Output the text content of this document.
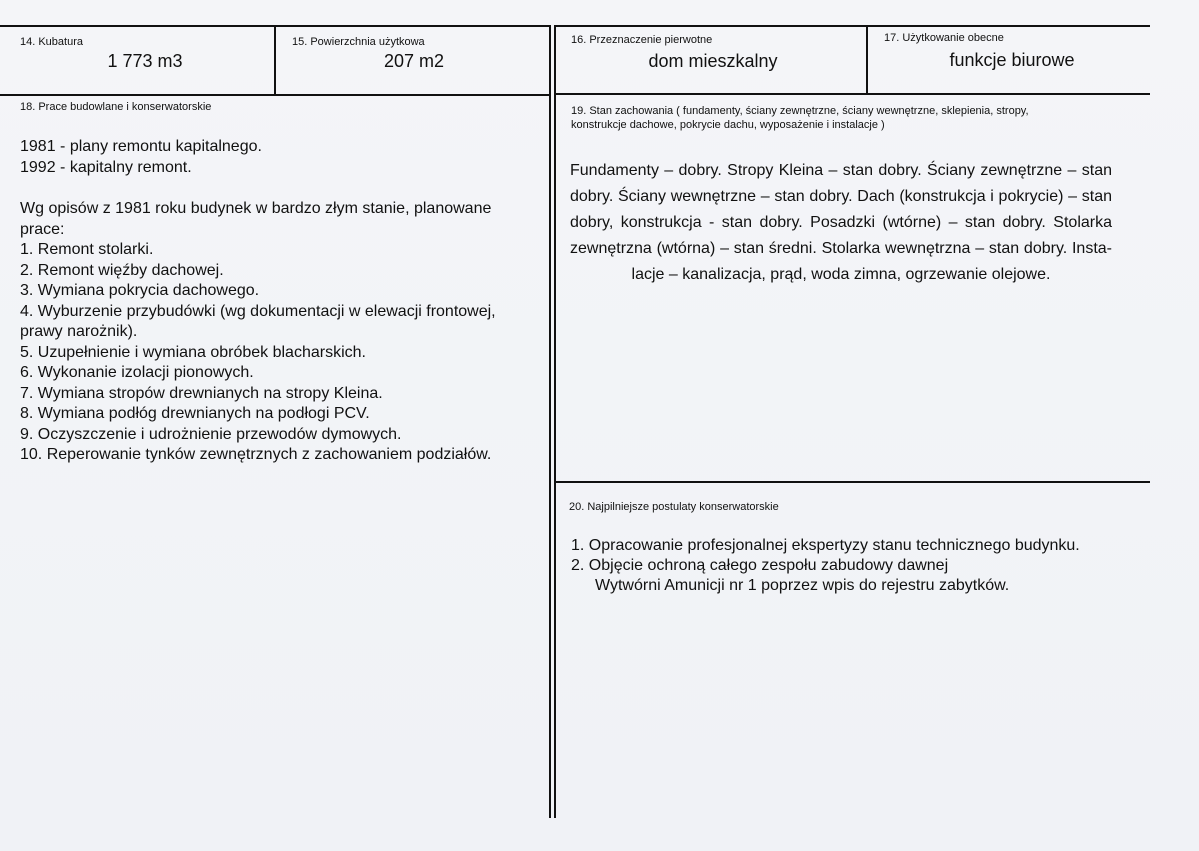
14. Kubatura
1 773 m3
15. Powierzchnia użytkowa
207 m2
16. Przeznaczenie pierwotne
dom mieszkalny
17. Użytkowanie obecne
funkcje biurowe
18. Prace budowlane i konserwatorskie
1981 - plany remontu kapitalnego.
1992 - kapitalny remont.
Wg opisów z 1981 roku budynek w bardzo złym stanie, planowane
prace:
1. Remont stolarki.
2. Remont więźby dachowej.
3. Wymiana pokrycia dachowego.
4. Wyburzenie przybudówki (wg dokumentacji w elewacji frontowej,
prawy narożnik).
5. Uzupełnienie i wymiana obróbek blacharskich.
6. Wykonanie izolacji pionowych.
7. Wymiana stropów drewnianych na stropy Kleina.
8. Wymiana podłóg drewnianych na podłogi PCV.
9. Oczyszczenie i udrożnienie przewodów dymowych.
10. Reperowanie tynków zewnętrznych z zachowaniem podziałów.
19. Stan zachowania ( fundamenty, ściany zewnętrzne, ściany wewnętrzne, sklepienia, stropy,
konstrukcje dachowe, pokrycie dachu, wyposażenie i instalacje )
Fundamenty – dobry. Stropy Kleina – stan dobry. Ściany zewnętrzne – stan
dobry. Ściany wewnętrzne – stan dobry. Dach (konstrukcja i pokrycie) – stan
dobry, konstrukcja - stan dobry. Posadzki (wtórne) – stan dobry. Stolarka
zewnętrzna (wtórna) – stan średni. Stolarka wewnętrzna – stan dobry. Insta-
lacje – kanalizacja, prąd, woda zimna, ogrzewanie olejowe.
20. Najpilniejsze postulaty konserwatorskie
1. Opracowanie profesjonalnej ekspertyzy stanu technicznego budynku.
2. Objęcie ochroną całego zespołu zabudowy dawnej
Wytwórni Amunicji nr 1 poprzez wpis do rejestru zabytków.
